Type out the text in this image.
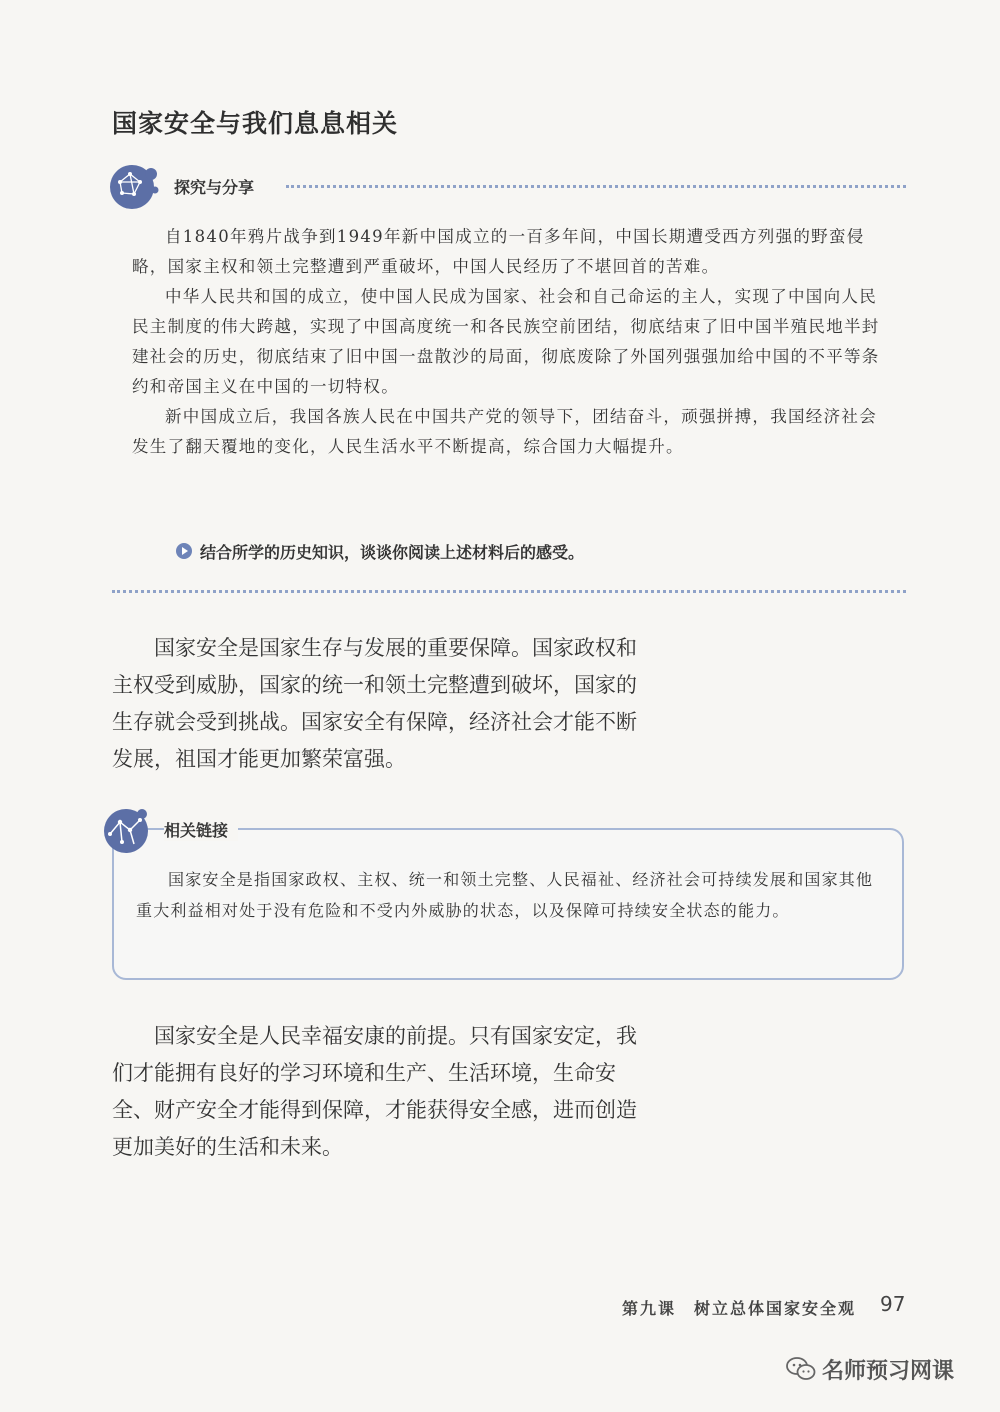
国家安全与我们息息相关
探究与分享

自1840年鸦片战争到1949年新中国成立的一百多年间，中国长期遭受西方列强的野蛮侵略，国家主权和领土完整遭到严重破坏，中国人民经历了不堪回首的苦难。

中华人民共和国的成立，使中国人民成为国家、社会和自己命运的主人，实现了中国向人民民主制度的伟大跨越，实现了中国高度统一和各民族空前团结，彻底结束了旧中国半殖民地半封建社会的历史，彻底结束了旧中国一盘散沙的局面，彻底废除了外国列强强加给中国的不平等条约和帝国主义在中国的一切特权。

新中国成立后，我国各族人民在中国共产党的领导下，团结奋斗，顽强拼搏，我国经济社会发生了翻天覆地的变化，人民生活水平不断提高，综合国力大幅提升。

结合所学的历史知识，谈谈你阅读上述材料后的感受。

　　国家安全是国家生存与发展的重要保障。国家政权和
主权受到威胁，国家的统一和领土完整遭到破坏，国家的
生存就会受到挑战。国家安全有保障，经济社会才能不断
发展，祖国才能更加繁荣富强。

相关链接

国家安全是指国家政权、主权、统一和领土完整、人民福祉、经济社会可持续发展和国家其他重大利益相对处于没有危险和不受内外威胁的状态，以及保障可持续安全状态的能力。

　　国家安全是人民幸福安康的前提。只有国家安定，我
们才能拥有良好的学习环境和生产、生活环境，生命安
全、财产安全才能得到保障，才能获得安全感，进而创造
更加美好的生活和未来。

第九课　树立总体国家安全观 97
名师预习网课
